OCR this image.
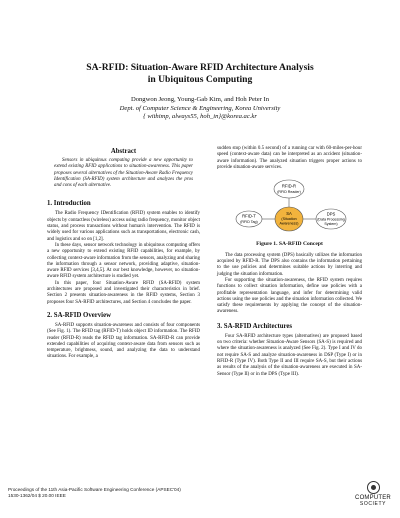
SA-RFID: Situation-Aware RFID Architecture Analysis
in Ubiquitous Computing
Dongwon Jeong, Young-Gab Kim, and Hoh Peter In
Dept. of Computer Science & Engineering, Korea University
{ withimp, always55, hoh_in}@korea.ac.kr
Abstract

Sensors in ubiquitous computing provide a new opportunity to extend existing RFID applications to situation-awareness. This paper proposes several alternatives of the Situation-Aware Radio Frequency Identification (SA-RFID) system architecture and analyzes the pros and cons of each alternative.

1. Introduction

The Radio Frequency IDentification (RFID) system enables to identify objects by contactless (wireless) access using radio frequency, monitor object status, and process transactions without human's intervention. The RFID is widely used for various applications such as transportations, electronic cash, and logistics and so on [1,2].

In these days, sensor network technology in ubiquitous computing offers a new opportunity to extend existing RFID capabilities, for example, by collecting context-aware information from the sensors, analyzing and sharing the information through a sensor network, providing adaptive, situation-aware RFID services [3,4,5]. At our best knowledge, however, no situation-aware RFID system architecture is studied yet.

In this paper, four Situation-Aware RFID (SA-RFID) system architectures are proposed and investigated their characteristics in brief. Section 2 presents situation-awareness in the RFID systems, Section 3 proposes four SA-RFID architectures, and Section 4 concludes the paper.

2. SA-RFID Overview

SA-RFID supports situation-awareness and consists of four components (See Fig. 1). The RFID tag (RFID-T) holds object ID information. The RFID reader (RFID-R) reads the RFID tag information. SA-RFID-R can provide extended capabilities of acquiring context-aware data from sensors such as temperature, brightness, sound, and analyzing the data to understand situations. For example, a

sudden stop (within 0.5 second) of a running car with 60-miles-per-hour speed (context-aware data) can be interpreted as an accident (situation-aware information). The analyzed situation triggers proper actions to provide situation-aware services.

RFID-R
(RFID Reader)
RFID-T
(RFID Tag)
SA
(Situation
Awareness)
DPS
(Data Processing
System)
Figure 1. SA-RFID Concept

The data processing system (DPS) basically utilizes the information acquired by RFID-R. The DPS also contains the information pertaining to the use policies and determines suitable actions by interring and judging the situation information.

For supporting the situation-awareness, the RFID system requires functions to collect situation information, define use policies with a profitable representation language, and infer for determining valid actions using the use policies and the situation information collected. We satisfy these requirements by applying the concept of the situation-awareness.

3. SA-RFID Architectures

Four SA-RFID architecture types (alternatives) are proposed based on two criteria: whether Situation-Aware Sensors (SA-S) is required and where the situation-awareness is analyzed (See Fig. 2). Type I and IV do not require SA-S and analyze situation-awareness in DSP (Type I) or in RFID-R (Type IV). Both Type II and III require SA-S, but their actions as results of the analysis of the situation-awareness are executed in SA-Sensor (Type II) or in the DPS (Type III).

Proceedings of the 11th Asia-Pacific Software Engineering Conference (APSEC'04)
1530-1362/04 $ 20.00 IEEE	COMPUTER
SOCIETY
